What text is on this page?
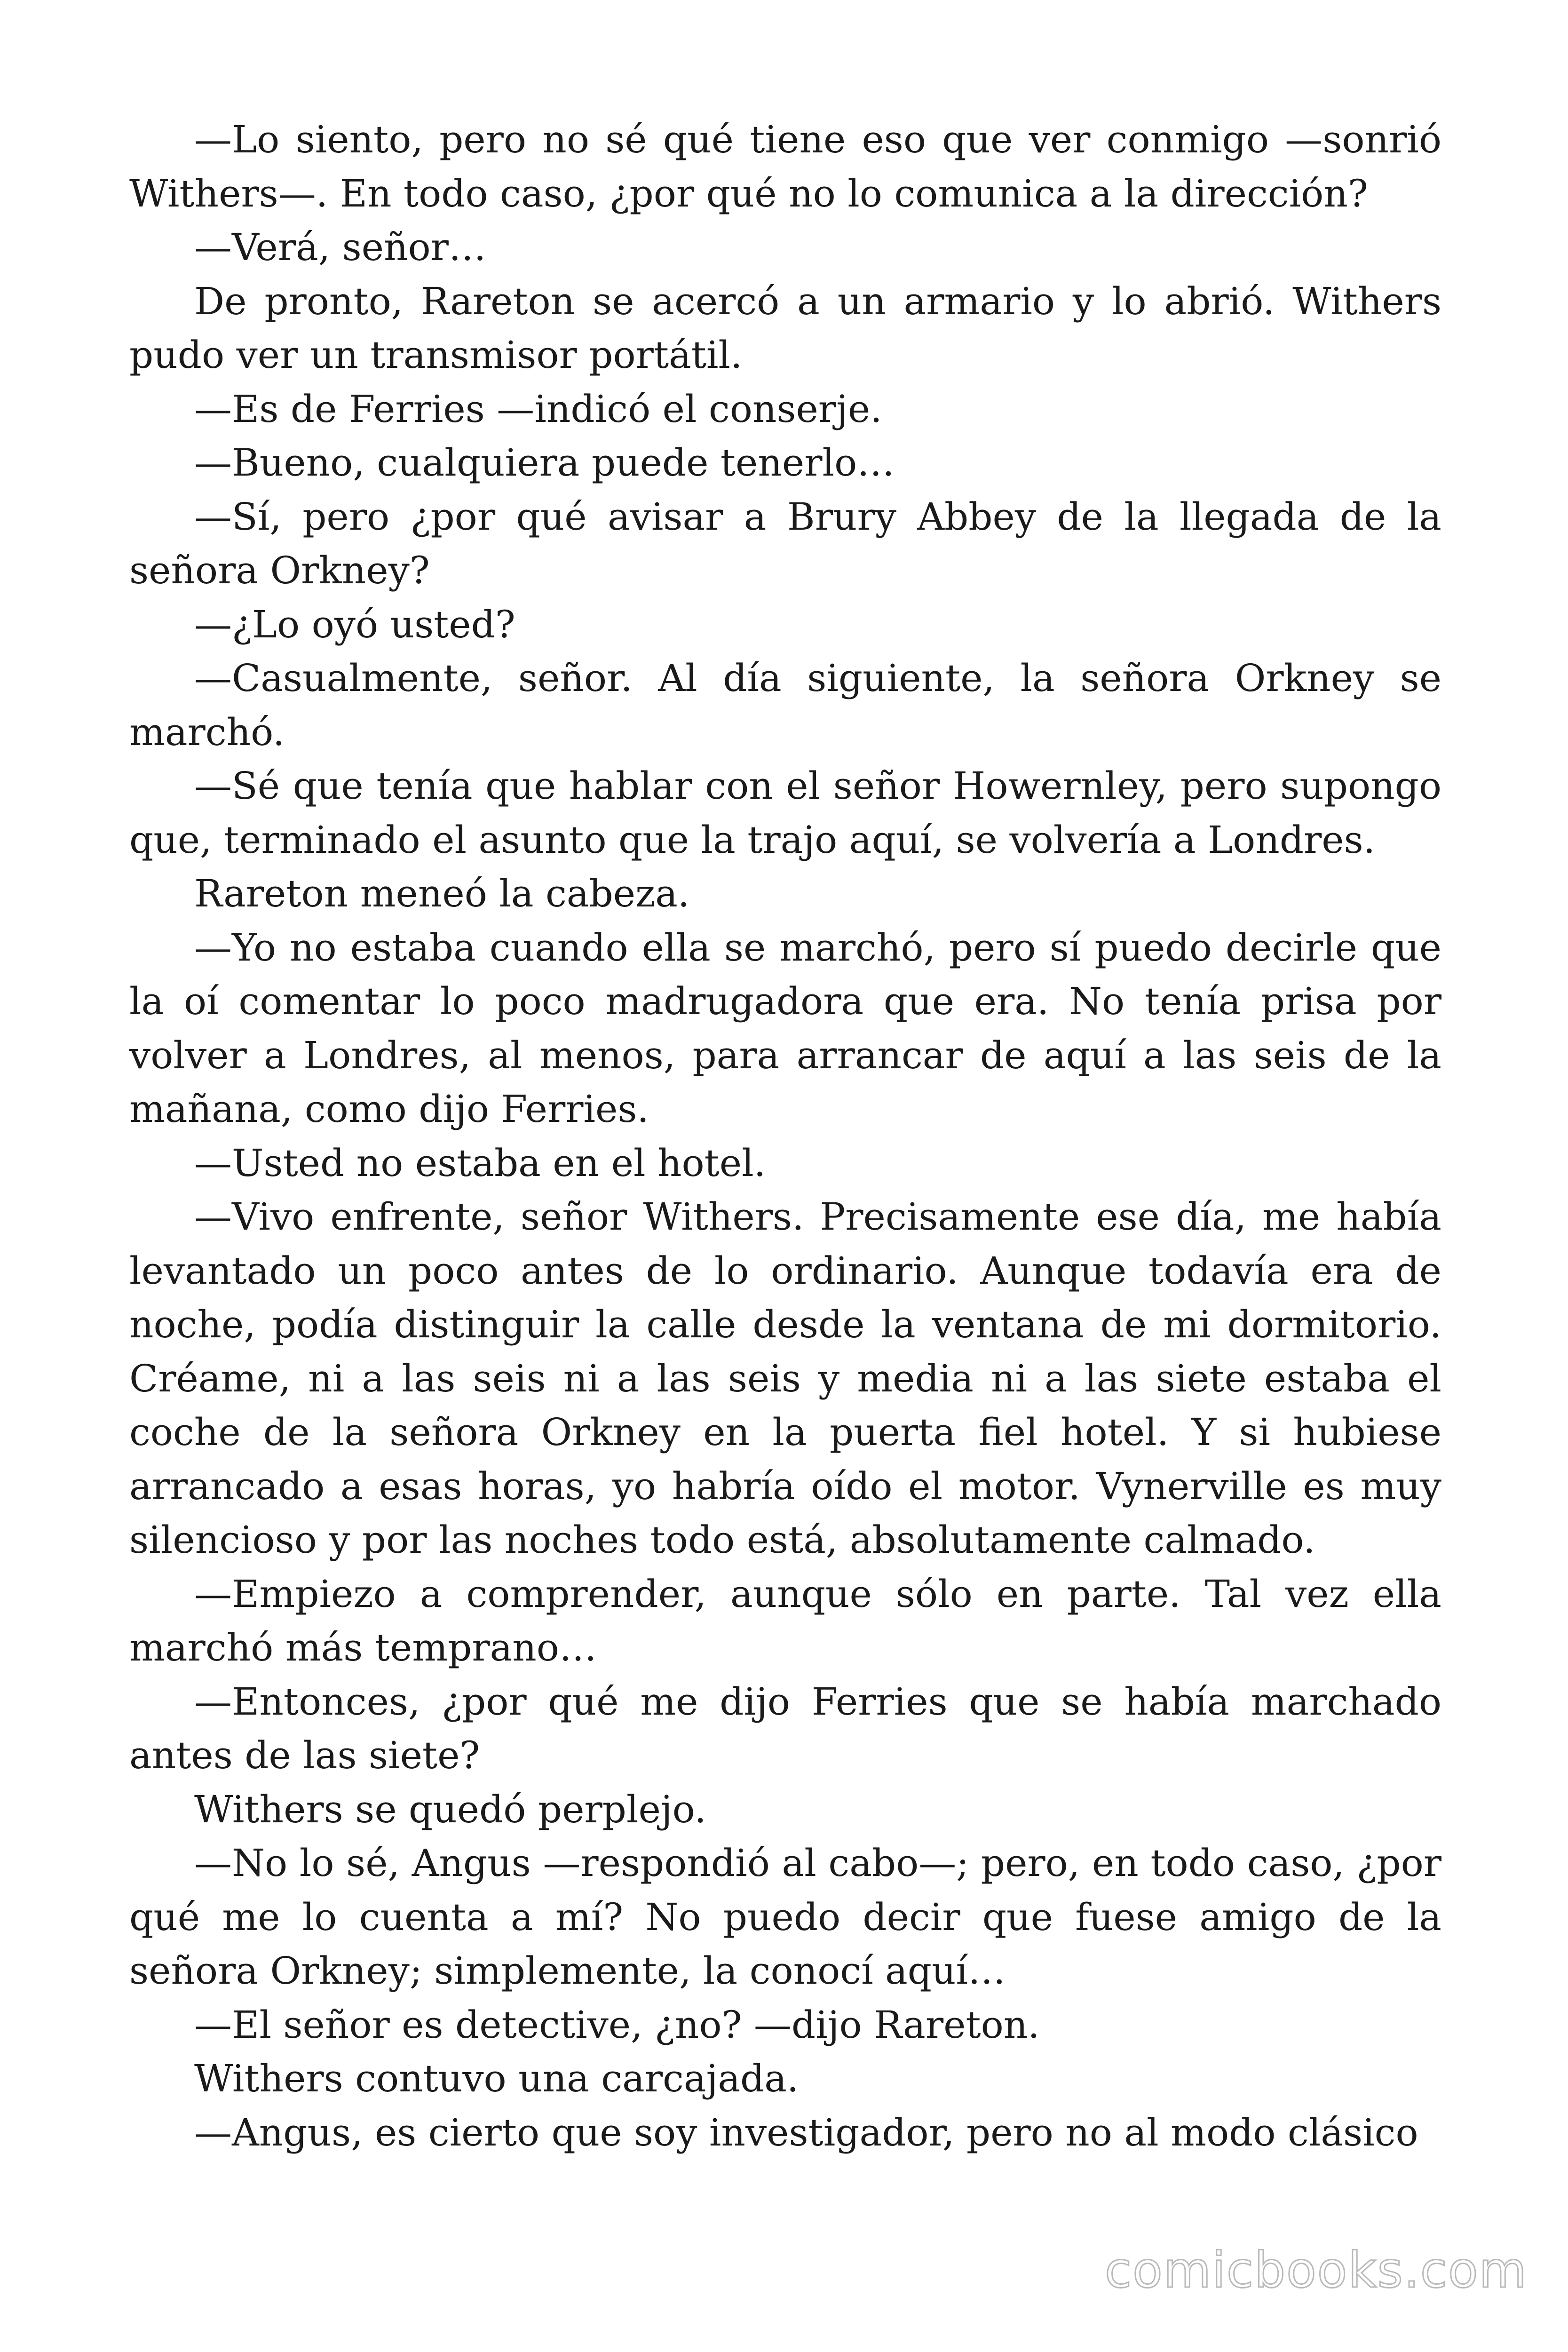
—Lo siento, pero no sé qué tiene eso que ver conmigo —sonrió Withers—. En todo caso, ¿por qué no lo comunica a la dirección?

—Verá, señor…

De pronto, Rareton se acercó a un armario y lo abrió. Withers pudo ver un transmisor portátil.

—Es de Ferries —indicó el conserje.

—Bueno, cualquiera puede tenerlo…

—Sí, pero ¿por qué avisar a Brury Abbey de la llegada de la señora Orkney?

—¿Lo oyó usted?

—Casualmente, señor. Al día siguiente, la señora Orkney se marchó.

—Sé que tenía que hablar con el señor Howernley, pero supongo que, terminado el asunto que la trajo aquí, se volvería a Londres.

Rareton meneó la cabeza.

—Yo no estaba cuando ella se marchó, pero sí puedo decirle que la oí comentar lo poco madrugadora que era. No tenía prisa por volver a Londres, al menos, para arrancar de aquí a las seis de la mañana, como dijo Ferries.

—Usted no estaba en el hotel.

—Vivo enfrente, señor Withers. Precisamente ese día, me había levantado un poco antes de lo ordinario. Aunque todavía era de noche, podía distinguir la calle desde la ventana de mi dormitorio. Créame, ni a las seis ni a las seis y media ni a las siete estaba el coche de la señora Orkney en la puerta fiel hotel. Y si hubiese arrancado a esas horas, yo habría oído el motor. Vynerville es muy silencioso y por las noches todo está, absolutamente calmado.

—Empiezo a comprender, aunque sólo en parte. Tal vez ella marchó más temprano…

—Entonces, ¿por qué me dijo Ferries que se había marchado antes de las siete?

Withers se quedó perplejo.

—No lo sé, Angus —respondió al cabo—; pero, en todo caso, ¿por qué me lo cuenta a mí? No puedo decir que fuese amigo de la señora Orkney; simplemente, la conocí aquí…

—El señor es detective, ¿no? —dijo Rareton.

Withers contuvo una carcajada.

—Angus, es cierto que soy investigador, pero no al modo clásico

comicbooks.com
